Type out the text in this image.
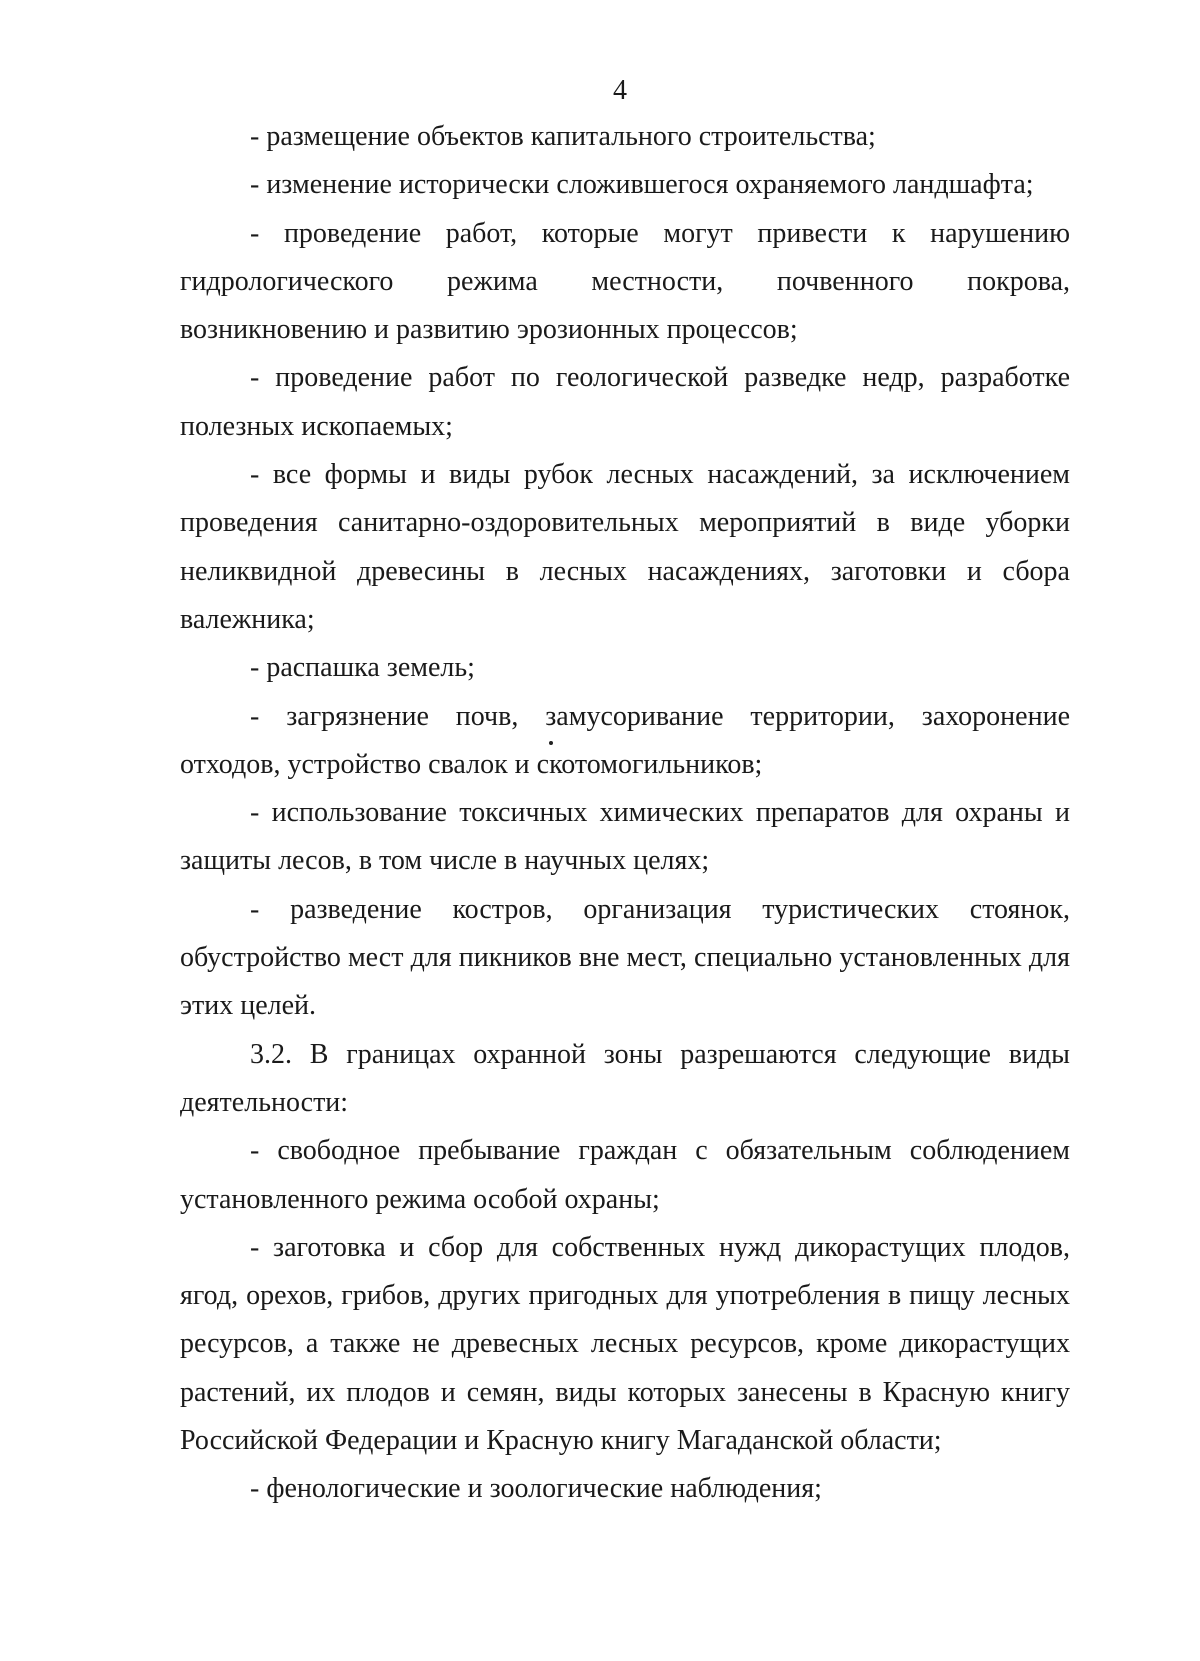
4

- размещение объектов капитального строительства;

- изменение исторически сложившегося охраняемого ландшафта;

- проведение работ, которые могут привести к нарушению гидрологического режима местности, почвенного покрова, возникновению и развитию эрозионных процессов;

- проведение работ по геологической разведке недр, разработке полезных ископаемых;

- все формы и виды рубок лесных насаждений, за исключением проведения санитарно-оздоровительных мероприятий в виде уборки неликвидной древесины в лесных насаждениях, заготовки и сбора валежника;

- распашка земель;

- загрязнение почв, замусоривание территории, захоронение отходов, устройство свалок и скотомогильников;

- использование токсичных химических препаратов для охраны и защиты лесов, в том числе в научных целях;

- разведение костров, организация туристических стоянок, обустройство мест для пикников вне мест, специально установленных для этих целей.

3.2. В границах охранной зоны разрешаются следующие виды деятельности:

- свободное пребывание граждан с обязательным соблюдением установленного режима особой охраны;

- заготовка и сбор для собственных нужд дикорастущих плодов, ягод, орехов, грибов, других пригодных для употребления в пищу лесных ресурсов, а также не древесных лесных ресурсов, кроме дикорастущих растений, их плодов и семян, виды которых занесены в Красную книгу Российской Федерации и Красную книгу Магаданской области;

- фенологические и зоологические наблюдения;
